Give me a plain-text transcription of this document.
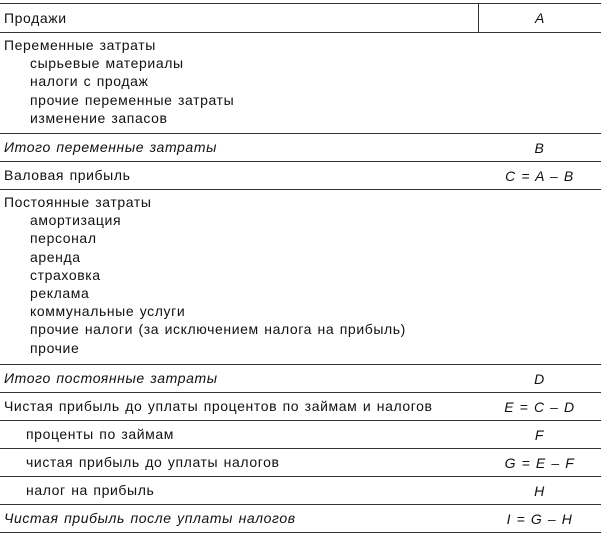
Продажи	A
Переменные затраты
сырьевые материалы
налоги с продаж
прочие переменные затраты
изменение запасов
Итого переменные затраты	B
Валовая прибыль	C = A – B
Постоянные затраты
амортизация
персонал
аренда
страховка
реклама
коммунальные услуги
прочие налоги (за исключением налога на прибыль)
прочие
Итого постоянные затраты	D
Чистая прибыль до уплаты процентов по займам и налогов	E = C – D
проценты по займам	F
чистая прибыль до уплаты налогов	G = E – F
налог на прибыль	H
Чистая прибыль после уплаты налогов	I = G – H
